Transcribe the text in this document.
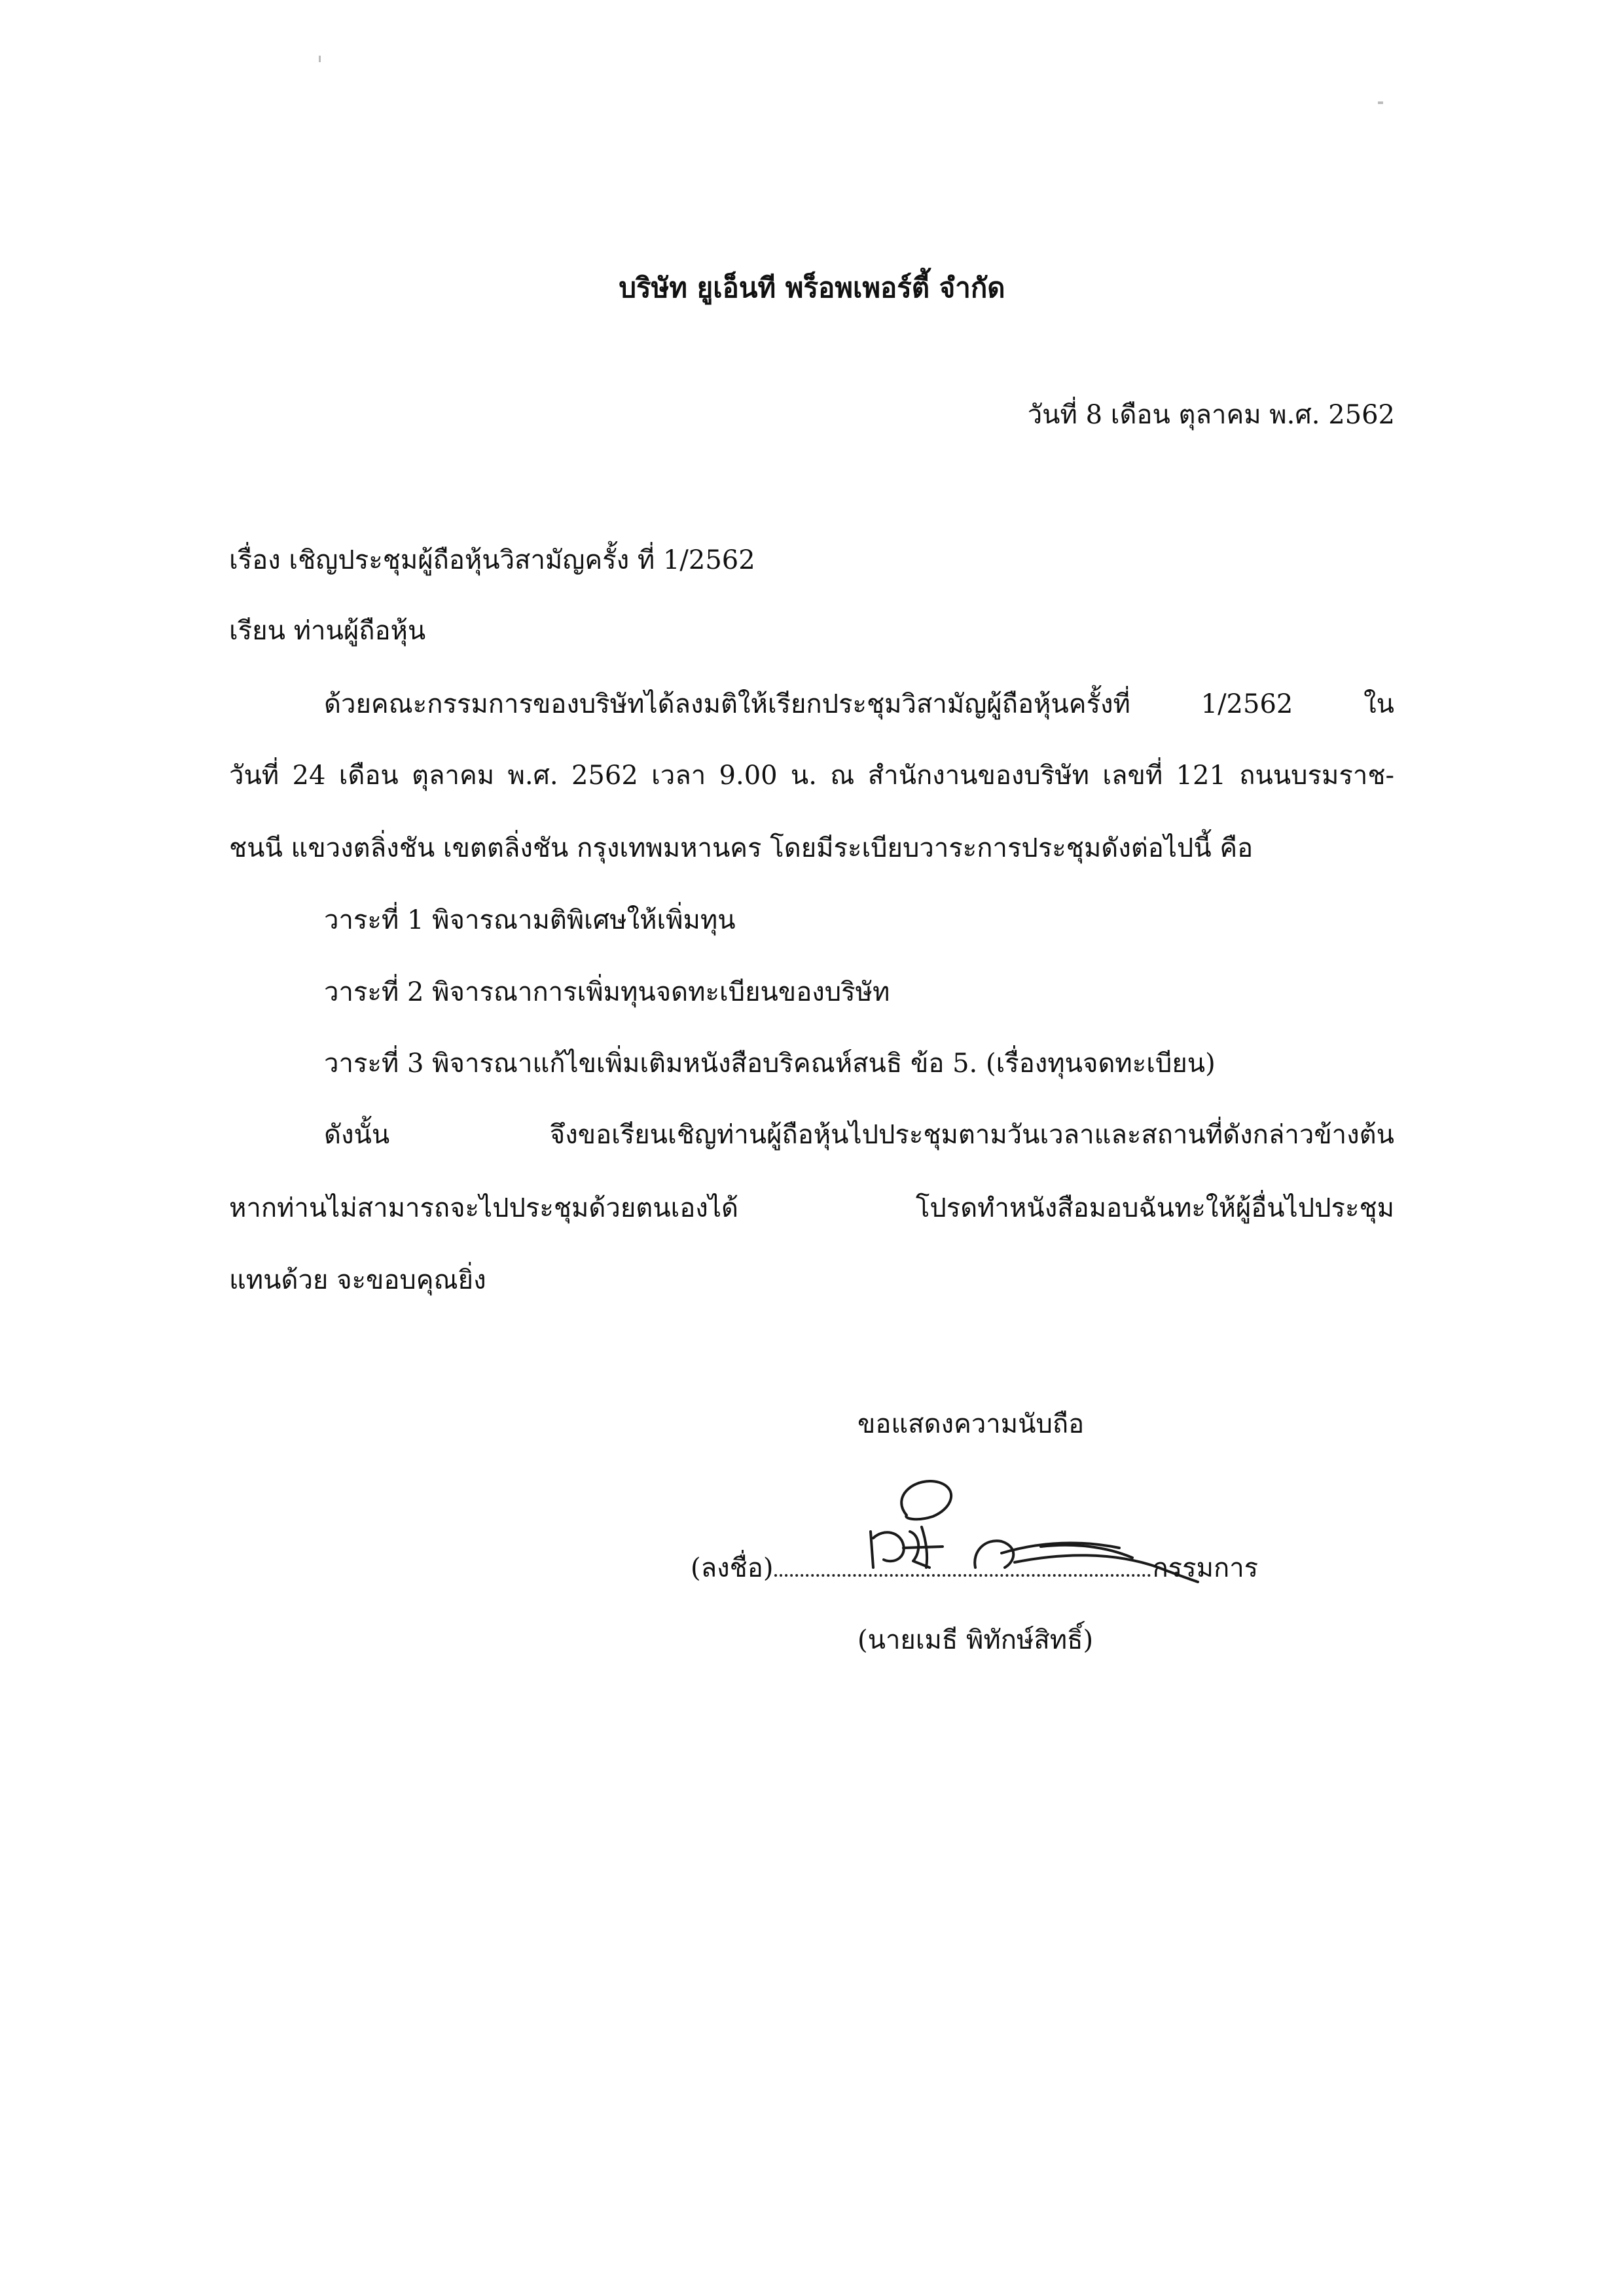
บริษัท ยูเอ็นที พร็อพเพอร์ตี้ จำกัด
วันที่ 8 เดือน ตุลาคม พ.ศ. 2562
เรื่อง เชิญประชุมผู้ถือหุ้นวิสามัญครั้ง ที่ 1/2562
เรียน ท่านผู้ถือหุ้น
ด้วยคณะกรรมการของบริษัทได้ลงมติให้เรียกประชุมวิสามัญผู้ถือหุ้นครั้งที่ 1/2562 ใน
วันที่ 24 เดือน ตุลาคม พ.ศ. 2562 เวลา 9.00 น. ณ สำนักงานของบริษัท เลขที่ 121 ถนนบรมราช-
ชนนี แขวงตลิ่งชัน เขตตลิ่งชัน กรุงเทพมหานคร โดยมีระเบียบวาระการประชุมดังต่อไปนี้ คือ
วาระที่ 1 พิจารณามติพิเศษให้เพิ่มทุน
วาระที่ 2 พิจารณาการเพิ่มทุนจดทะเบียนของบริษัท
วาระที่ 3 พิจารณาแก้ไขเพิ่มเติมหนังสือบริคณห์สนธิ ข้อ 5. (เรื่องทุนจดทะเบียน)
ดังนั้น จึงขอเรียนเชิญท่านผู้ถือหุ้นไปประชุมตามวันเวลาและสถานที่ดังกล่าวข้างต้น
หากท่านไม่สามารถจะไปประชุมด้วยตนเองได้ โปรดทำหนังสือมอบฉันทะให้ผู้อื่นไปประชุม
แทนด้วย จะขอบคุณยิ่ง
ขอแสดงความนับถือ
(ลงชื่อ)	กรรมการ
(นายเมธี พิทักษ์สิทธิ์)
